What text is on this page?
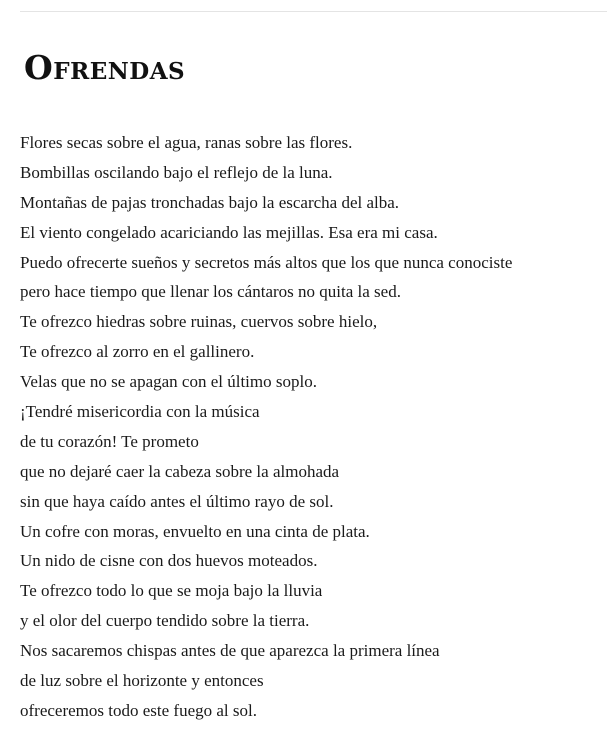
Ofrendas
Flores secas sobre el agua, ranas sobre las flores.
Bombillas oscilando bajo el reflejo de la luna.
Montañas de pajas tronchadas bajo la escarcha del alba.
El viento congelado acariciando las mejillas. Esa era mi casa.
Puedo ofrecerte sueños y secretos más altos que los que nunca conociste
pero hace tiempo que llenar los cántaros no quita la sed.
Te ofrezco hiedras sobre ruinas, cuervos sobre hielo,
Te ofrezco al zorro en el gallinero.
Velas que no se apagan con el último soplo.
¡Tendré misericordia con la música
de tu corazón! Te prometo
que no dejaré caer la cabeza sobre la almohada
sin que haya caído antes el último rayo de sol.
Un cofre con moras, envuelto en una cinta de plata.
Un nido de cisne con dos huevos moteados.
Te ofrezco todo lo que se moja bajo la lluvia
y el olor del cuerpo tendido sobre la tierra.
Nos sacaremos chispas antes de que aparezca la primera línea
de luz sobre el horizonte y entonces
ofreceremos todo este fuego al sol.
